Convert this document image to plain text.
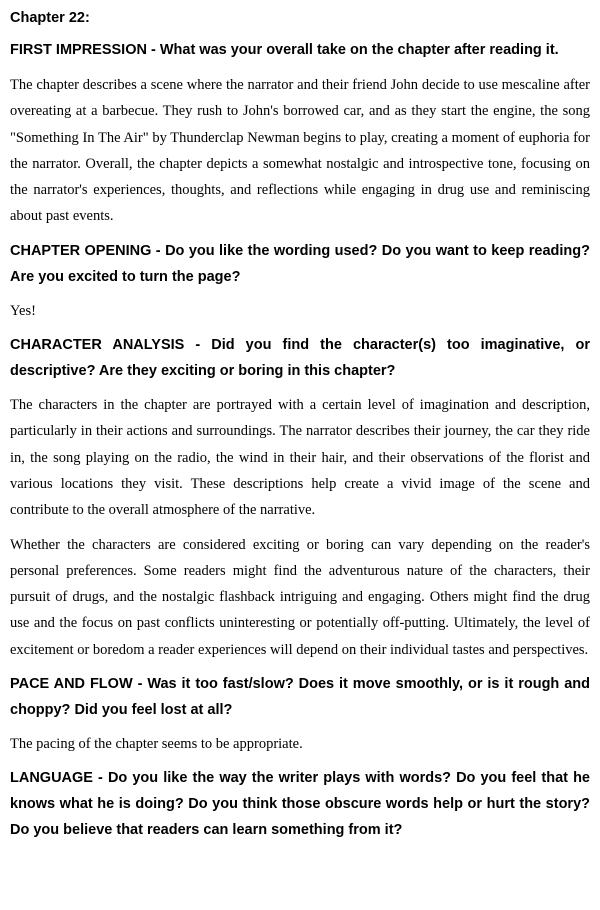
Chapter 22:
FIRST IMPRESSION - What was your overall take on the chapter after reading it.

The chapter describes a scene where the narrator and their friend John decide to use mescaline after overeating at a barbecue. They rush to John's borrowed car, and as they start the engine, the song "Something In The Air" by Thunderclap Newman begins to play, creating a moment of euphoria for the narrator. Overall, the chapter depicts a somewhat nostalgic and introspective tone, focusing on the narrator's experiences, thoughts, and reflections while engaging in drug use and reminiscing about past events.

CHAPTER OPENING - Do you like the wording used? Do you want to keep reading? Are you excited to turn the page?

Yes!

CHARACTER ANALYSIS - Did you find the character(s) too imaginative, or descriptive? Are they exciting or boring in this chapter?

The characters in the chapter are portrayed with a certain level of imagination and description, particularly in their actions and surroundings. The narrator describes their journey, the car they ride in, the song playing on the radio, the wind in their hair, and their observations of the florist and various locations they visit. These descriptions help create a vivid image of the scene and contribute to the overall atmosphere of the narrative.

Whether the characters are considered exciting or boring can vary depending on the reader's personal preferences. Some readers might find the adventurous nature of the characters, their pursuit of drugs, and the nostalgic flashback intriguing and engaging. Others might find the drug use and the focus on past conflicts uninteresting or potentially off-putting. Ultimately, the level of excitement or boredom a reader experiences will depend on their individual tastes and perspectives.

PACE AND FLOW - Was it too fast/slow? Does it move smoothly, or is it rough and choppy? Did you feel lost at all?

The pacing of the chapter seems to be appropriate.

LANGUAGE - Do you like the way the writer plays with words? Do you feel that he knows what he is doing? Do you think those obscure words help or hurt the story? Do you believe that readers can learn something from it?
